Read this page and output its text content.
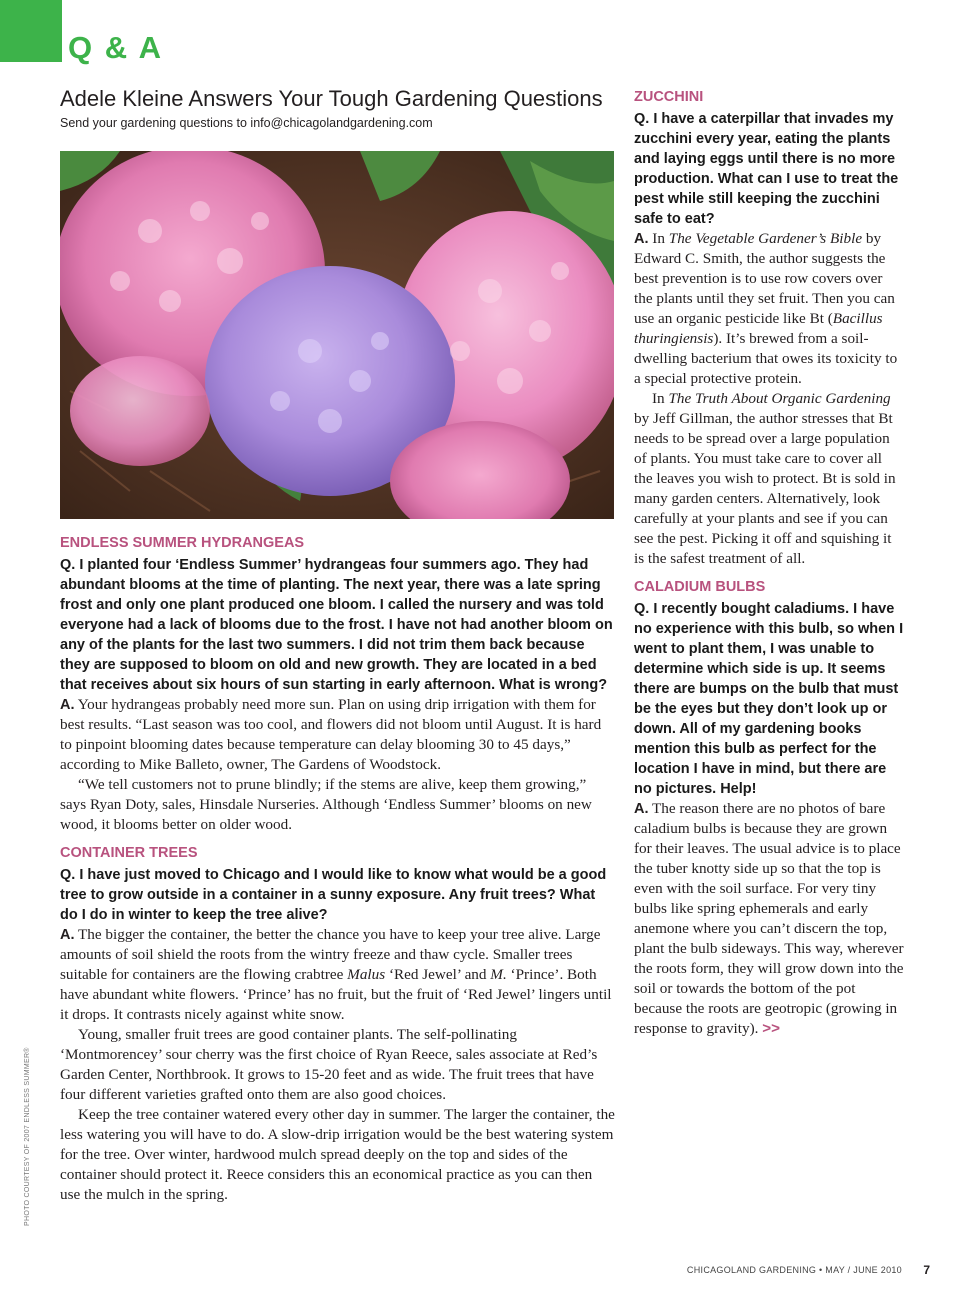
Q & A
Adele Kleine Answers Your Tough Gardening Questions
Send your gardening questions to info@chicagolandgardening.com
PHOTO COURTESY OF 2007 ENDLESS SUMMER®
ENDLESS SUMMER HYDRANGEAS

Q. I planted four ‘Endless Summer’ hydrangeas four summers ago. They had abundant blooms at the time of planting. The next year, there was a late spring frost and only one plant produced one bloom. I called the nursery and was told everyone had a lack of blooms due to the frost. I have not had another bloom on any of the plants for the last two summers. I did not trim them back because they are supposed to bloom on old and new growth. They are located in a bed that receives about six hours of sun starting in early afternoon. What is wrong?

A. Your hydrangeas probably need more sun. Plan on using drip irrigation with them for best results. “Last season was too cool, and flowers did not bloom until August. It is hard to pinpoint blooming dates because temperature can delay blooming 30 to 45 days,” according to Mike Balleto, owner, The Gardens of Woodstock.

“We tell customers not to prune blindly; if the stems are alive, keep them growing,” says Ryan Doty, sales, Hinsdale Nurseries. Although ‘Endless Summer’ blooms on new wood, it blooms better on older wood.

CONTAINER TREES

Q. I have just moved to Chicago and I would like to know what would be a good tree to grow outside in a container in a sunny exposure. Any fruit trees? What do I do in winter to keep the tree alive?

A. The bigger the container, the better the chance you have to keep your tree alive. Large amounts of soil shield the roots from the wintry freeze and thaw cycle. Smaller trees suitable for containers are the flowing crabtree Malus ‘Red Jewel’ and M. ‘Prince’. Both have abundant white flowers. ‘Prince’ has no fruit, but the fruit of ‘Red Jewel’ lingers until it drops. It contrasts nicely against white snow.

Young, smaller fruit trees are good container plants. The self-pollinating ‘Montmorencey’ sour cherry was the first choice of Ryan Reece, sales associate at Red’s Garden Center, Northbrook. It grows to 15-20 feet and as wide. The fruit trees that have four different varieties grafted onto them are also good choices.

Keep the tree container watered every other day in summer. The larger the container, the less watering you will have to do. A slow-drip irrigation would be the best watering system for the tree. Over winter, hardwood mulch spread deeply on the top and sides of the container should protect it. Reece considers this an economical practice as you can then use the mulch in the spring.

ZUCCHINI

Q. I have a caterpillar that invades my zucchini every year, eating the plants and laying eggs until there is no more production. What can I use to treat the pest while still keeping the zucchini safe to eat?

A. In The Vegetable Gardener’s Bible by Edward C. Smith, the author suggests the best prevention is to use row covers over the plants until they set fruit. Then you can use an organic pesticide like Bt (Bacillus thuringiensis). It’s brewed from a soil-dwelling bacterium that owes its toxicity to a special protective protein.

In The Truth About Organic Gardening by Jeff Gillman, the author stresses that Bt needs to be spread over a large population of plants. You must take care to cover all the leaves you wish to protect. Bt is sold in many garden centers. Alternatively, look carefully at your plants and see if you can see the pest. Picking it off and squishing it is the safest treatment of all.

CALADIUM BULBS

Q. I recently bought caladiums. I have no experience with this bulb, so when I went to plant them, I was unable to determine which side is up. It seems there are bumps on the bulb that must be the eyes but they don’t look up or down. All of my gardening books mention this bulb as perfect for the location I have in mind, but there are no pictures. Help!

A. The reason there are no photos of bare caladium bulbs is because they are grown for their leaves. The usual advice is to place the tuber knotty side up so that the top is even with the soil surface. For very tiny bulbs like spring ephemerals and early anemone where you can’t discern the top, plant the bulb sideways. This way, wherever the roots form, they will grow down into the soil or towards the bottom of the pot because the roots are geotropic (growing in response to gravity). >>

CHICAGOLAND GARDENING • MAY / JUNE 2010 7
